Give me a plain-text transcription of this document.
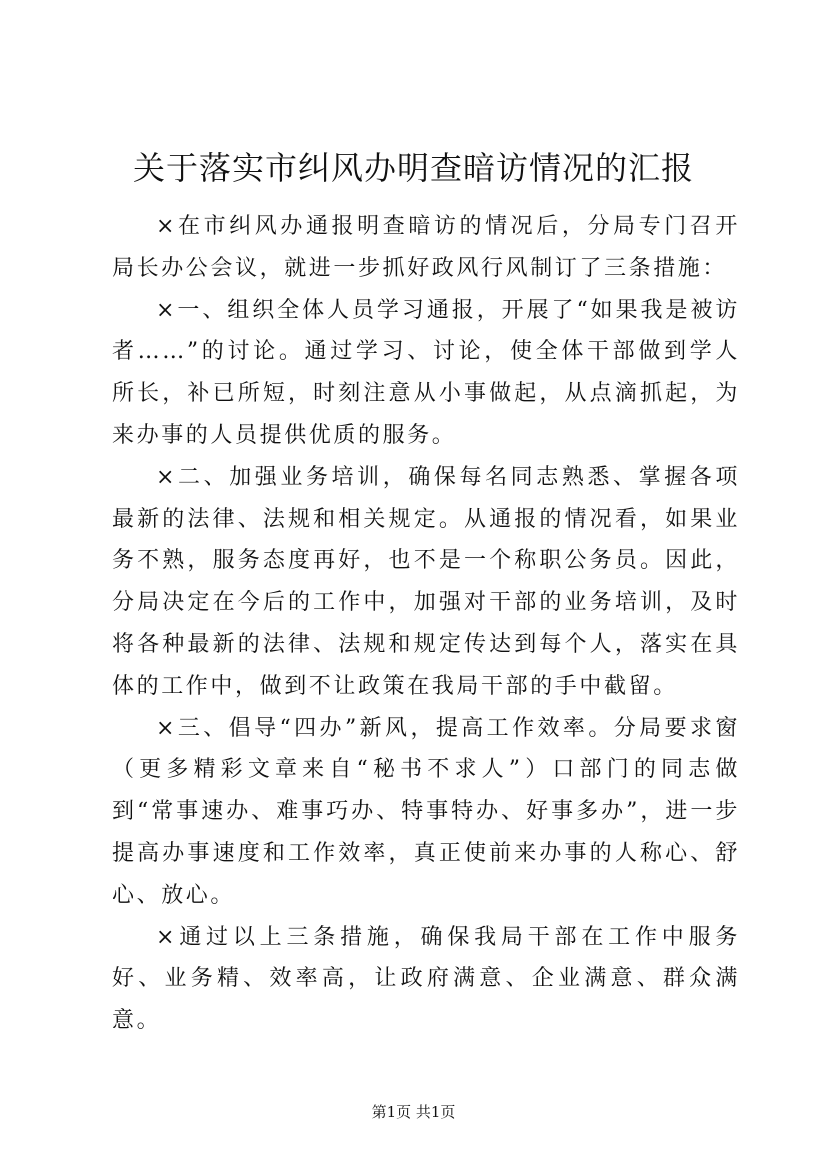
关于落实市纠风办明查暗访情况的汇报

×在市纠风办通报明查暗访的情况后，分局专门召开局长办公会议，就进一步抓好政风行风制订了三条措施：

×一、组织全体人员学习通报，开展了“如果我是被访者……”的讨论。通过学习、讨论，使全体干部做到学人所长，补已所短，时刻注意从小事做起，从点滴抓起，为来办事的人员提供优质的服务。

×二、加强业务培训，确保每名同志熟悉、掌握各项最新的法律、法规和相关规定。从通报的情况看，如果业务不熟，服务态度再好，也不是一个称职公务员。因此，分局决定在今后的工作中，加强对干部的业务培训，及时将各种最新的法律、法规和规定传达到每个人，落实在具体的工作中，做到不让政策在我局干部的手中截留。

×三、倡导“四办”新风，提高工作效率。分局要求窗（更多精彩文章来自“秘书不求人”）口部门的同志做到“常事速办、难事巧办、特事特办、好事多办”，进一步提高办事速度和工作效率，真正使前来办事的人称心、舒心、放心。

×通过以上三条措施，确保我局干部在工作中服务好、业务精、效率高，让政府满意、企业满意、群众满意。

第1页 共1页
